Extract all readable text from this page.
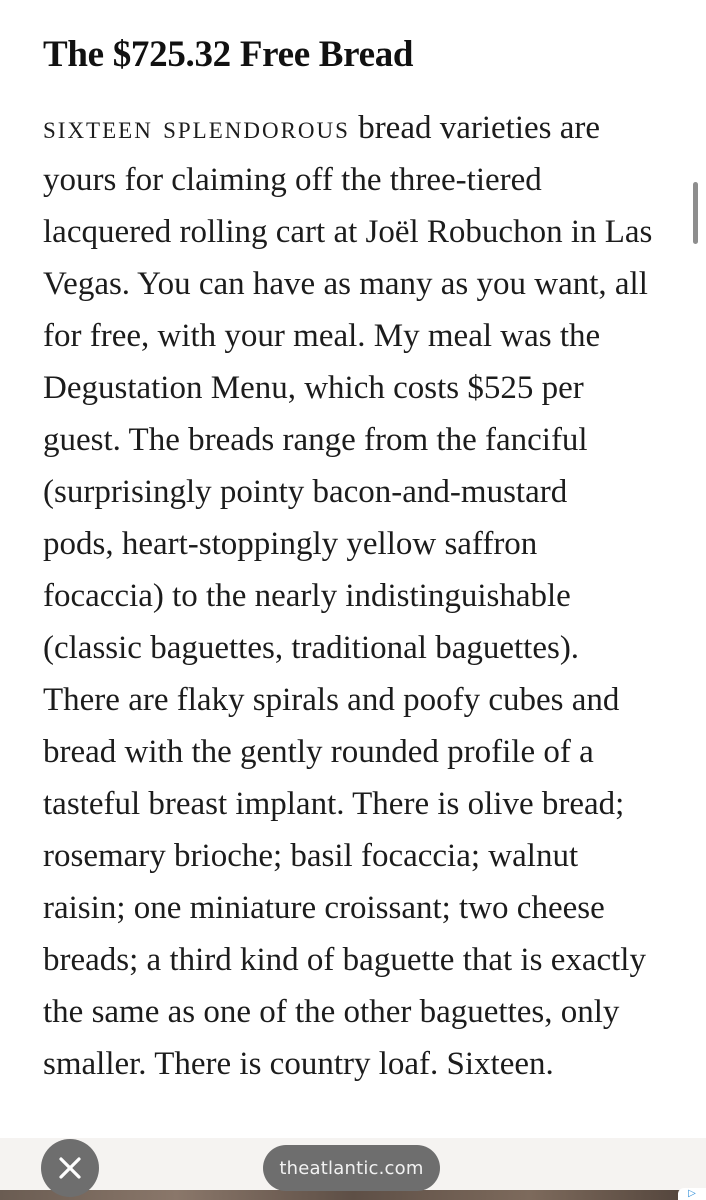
The $725.32 Free Bread
sixteen splendorous bread varieties are
yours for claiming off the three-tiered
lacquered rolling cart at Joël Robuchon in Las
Vegas. You can have as many as you want, all
for free, with your meal. My meal was the
Degustation Menu, which costs $525 per
guest. The breads range from the fanciful
(surprisingly pointy bacon-and-mustard
pods, heart-stoppingly yellow saffron
focaccia) to the nearly indistinguishable
(classic baguettes, traditional baguettes).
There are flaky spirals and poofy cubes and
bread with the gently rounded profile of a
tasteful breast implant. There is olive bread;
rosemary brioche; basil focaccia; walnut
raisin; one miniature croissant; two cheese
breads; a third kind of baguette that is exactly
the same as one of the other baguettes, only
smaller. There is country loaf. Sixteen.
▷
theatlantic.com
